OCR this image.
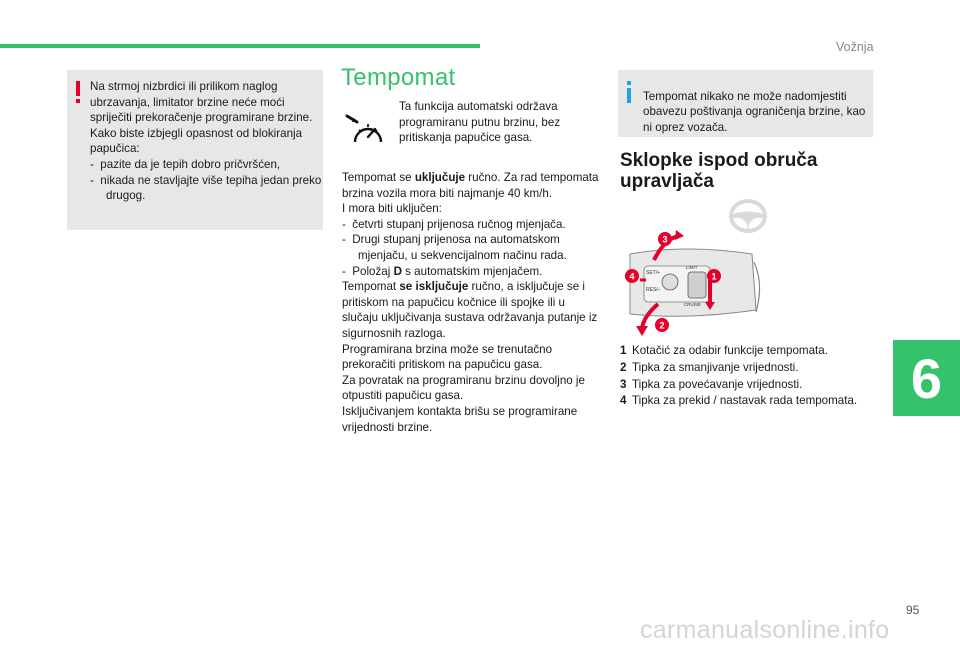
Vožnja

Na strmoj nizbrdici ili prilikom naglog

ubrzavanja, limitator brzine neće moći

spriječiti prekoračenje programirane brzine.

Kako biste izbjegli opasnost od blokiranja

papučica:

-  pazite da je tepih dobro pričvršćen,

-  nikada ne stavljajte više tepiha jedan preko drugog.

Tempomat

Ta funkcija automatski održava programiranu putnu brzinu, bez pritiskanja papučice gasa.

Tempomat se uključuje ručno. Za rad tempomata brzina vozila mora biti najmanje 40 km/h.

I mora biti uključen:

-  četvrti stupanj prijenosa ručnog mjenjača.

-  Drugi stupanj prijenosa na automatskom mjenjaču, u sekvencijalnom načinu rada.

-  Položaj D s automatskim mjenjačem.

Tempomat se isključuje ručno, a isključuje se i pritiskom na papučicu kočnice ili spojke ili u slučaju uključivanja sustava održavanja putanje iz sigurnosnih razloga.

Programirana brzina može se trenutačno prekoračiti pritiskom na papučicu gasa.

Za povratak na programiranu brzinu dovoljno je otpustiti papučicu gasa.

Isključivanjem kontakta brišu se programirane vrijednosti brzine.

Tempomat nikako ne može nadomjestiti obavezu poštivanja ograničenja brzine, kao ni oprez vozača.

Sklopke ispod obruča upravljača
SET/+
RES/–
LIMIT
CRUISE
1
2
3
4
1 Kotačić za odabir funkcije tempomata.
2 Tipka za smanjivanje vrijednosti.
3 Tipka za povećavanje vrijednosti.
4 Tipka za prekid / nastavak rada tempomata. 6
95
carmanualsonline.info
